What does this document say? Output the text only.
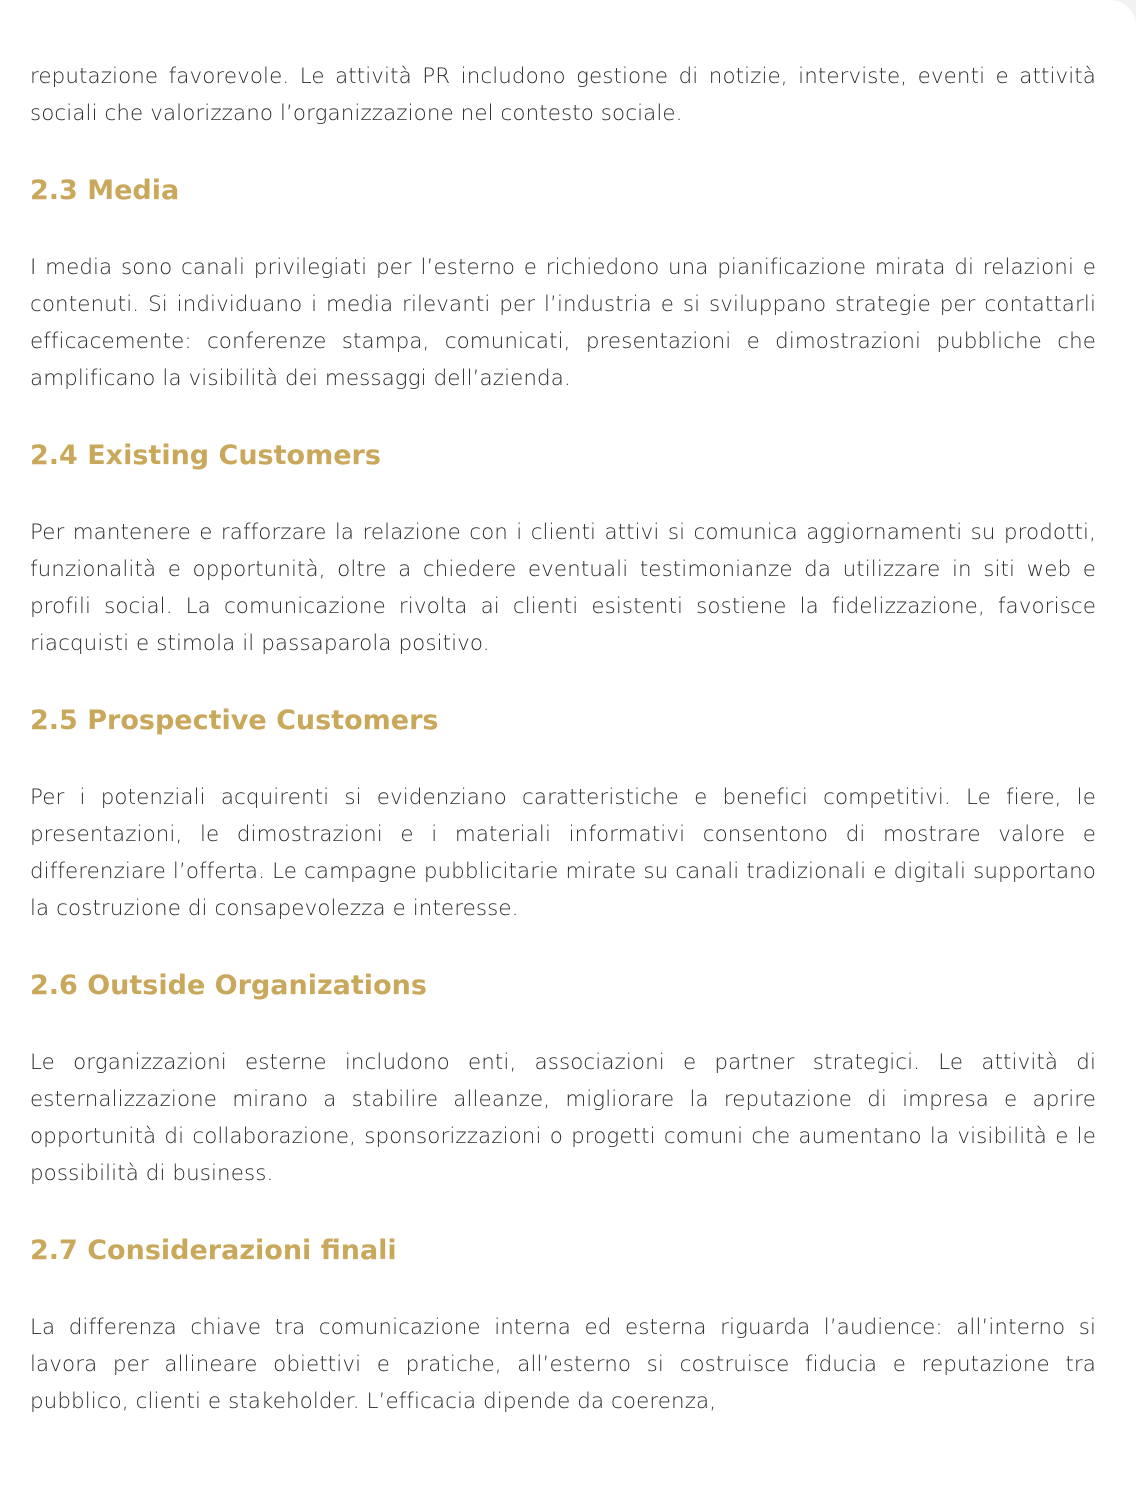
reputazione favorevole. Le attività PR includono gestione di notizie, interviste, eventi e attività sociali che valorizzano l’organizzazione nel contesto sociale.

2.3 Media

I media sono canali privilegiati per l’esterno e richiedono una pianificazione mirata di relazioni e contenuti. Si individuano i media rilevanti per l’industria e si sviluppano strategie per contattarli efficacemente: conferenze stampa, comunicati, presentazioni e dimostrazioni pubbliche che amplificano la visibilità dei messaggi dell’azienda.

2.4 Existing Customers

Per mantenere e rafforzare la relazione con i clienti attivi si comunica aggiornamenti su prodotti, funzionalità e opportunità, oltre a chiedere eventuali testimonianze da utilizzare in siti web e profili social. La comunicazione rivolta ai clienti esistenti sostiene la fidelizzazione, favorisce riacquisti e stimola il passaparola positivo.

2.5 Prospective Customers

Per i potenziali acquirenti si evidenziano caratteristiche e benefici competitivi. Le fiere, le presentazioni, le dimostrazioni e i materiali informativi consentono di mostrare valore e differenziare l’offerta. Le campagne pubblicitarie mirate su canali tradizionali e digitali supportano la costruzione di consapevolezza e interesse.

2.6 Outside Organizations

Le organizzazioni esterne includono enti, associazioni e partner strategici. Le attività di esternalizzazione mirano a stabilire alleanze, migliorare la reputazione di impresa e aprire opportunità di collaborazione, sponsorizzazioni o progetti comuni che aumentano la visibilità e le possibilità di business.

2.7 Considerazioni finali

La differenza chiave tra comunicazione interna ed esterna riguarda l’audience: all’interno si lavora per allineare obiettivi e pratiche, all’esterno si costruisce fiducia e reputazione tra pubblico, clienti e stakeholder. L’efficacia dipende da coerenza,
